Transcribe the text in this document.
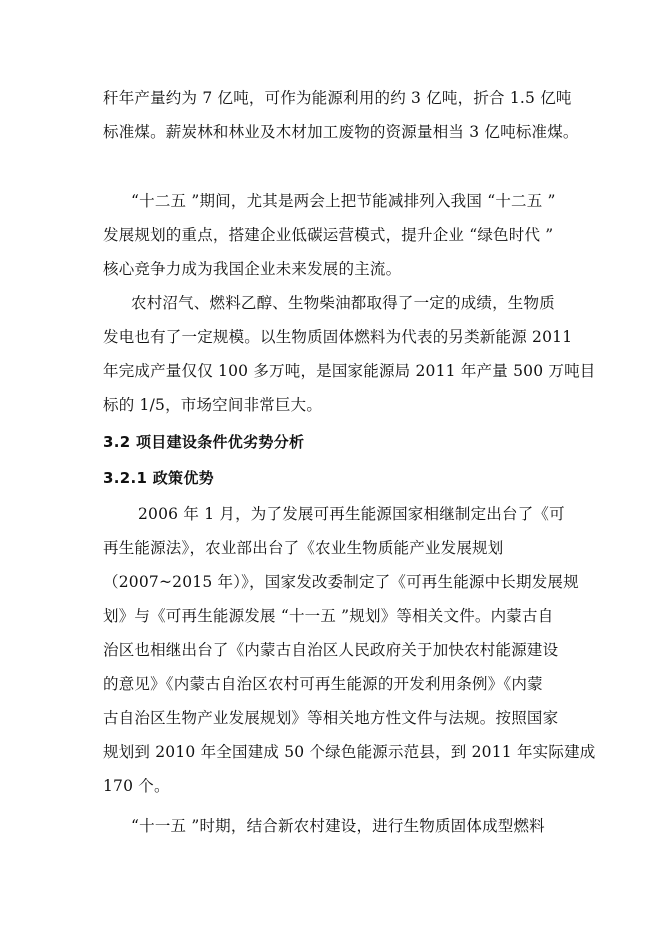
秆年产量约为 7 亿吨，可作为能源利用的约 3 亿吨，折合 1.5 亿吨
标准煤。薪炭林和林业及木材加工废物的资源量相当 3 亿吨标准煤。
“十二五 ”期间，尤其是两会上把节能减排列入我国 “十二五 ”
发展规划的重点，搭建企业低碳运营模式，提升企业 “绿色时代 ”
核心竞争力成为我国企业未来发展的主流。
农村沼气、燃料乙醇、生物柴油都取得了一定的成绩，生物质
发电也有了一定规模。以生物质固体燃料为代表的另类新能源 2011
年完成产量仅仅 100 多万吨，是国家能源局 2011 年产量 500 万吨目
标的 1/5，市场空间非常巨大。
3.2 项目建设条件优劣势分析
3.2.1 政策优势
2006 年 1 月，为了发展可再生能源国家相继制定出台了《可
再生能源法》，农业部出台了《农业生物质能产业发展规划
（2007~2015 年）》，国家发改委制定了《可再生能源中长期发展规
划》与《可再生能源发展 “十一五 ”规划》等相关文件。内蒙古自
治区也相继出台了《内蒙古自治区人民政府关于加快农村能源建设
的意见》《内蒙古自治区农村可再生能源的开发利用条例》《内蒙
古自治区生物产业发展规划》等相关地方性文件与法规。按照国家
规划到 2010 年全国建成 50 个绿色能源示范县，到 2011 年实际建成
170 个。
“十一五 ”时期，结合新农村建设，进行生物质固体成型燃料
